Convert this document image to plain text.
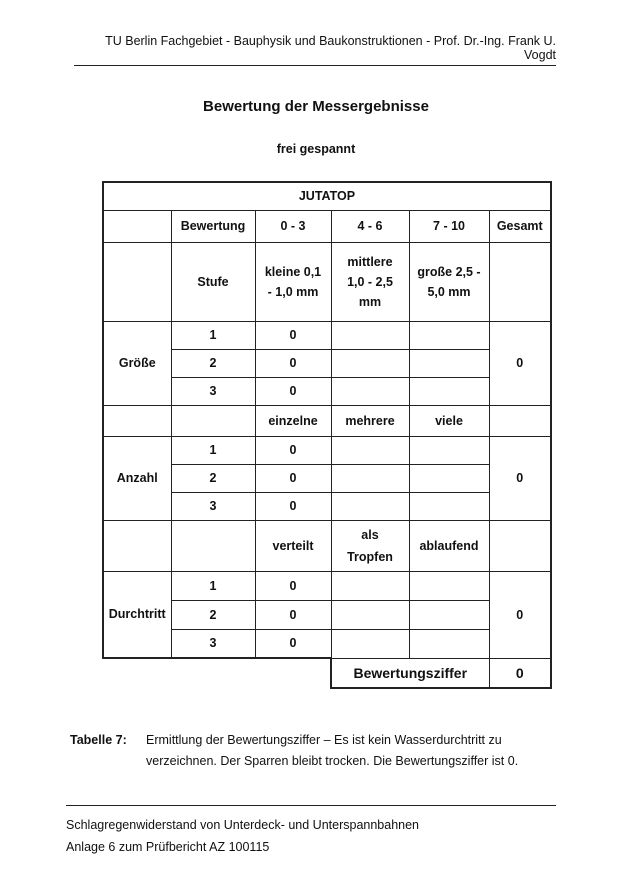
TU Berlin Fachgebiet - Bauphysik und Baukonstruktionen - Prof. Dr.-Ing. Frank U. Vogdt
Bewertung der Messergebnisse
frei gespannt
JUTATOP					
	Bewertung	0 - 3	4 - 6	7 - 10	Gesamt
	Stufe	kleine 0,1 - 1,0 mm	mittlere 1,0 - 2,5 mm	große 2,5 - 5,0 mm	
Größe	1	0			0
	2	0			
	3	0			
		einzelne	mehrere	viele	
Anzahl	1	0			0
	2	0			
	3	0			
		verteilt	als Tropfen	ablaufend	
Durchtritt	1	0			0
	2	0			
	3	0			
			Bewertungsziffer		0
Tabelle 7: Ermittlung der Bewertungsziffer – Es ist kein Wasserdurchtritt zu verzeichnen. Der Sparren bleibt trocken. Die Bewertungsziffer ist 0.
Schlagregenwiderstand von Unterdeck- und Unterspannbahnen
Anlage 6 zum Prüfbericht AZ 100115
